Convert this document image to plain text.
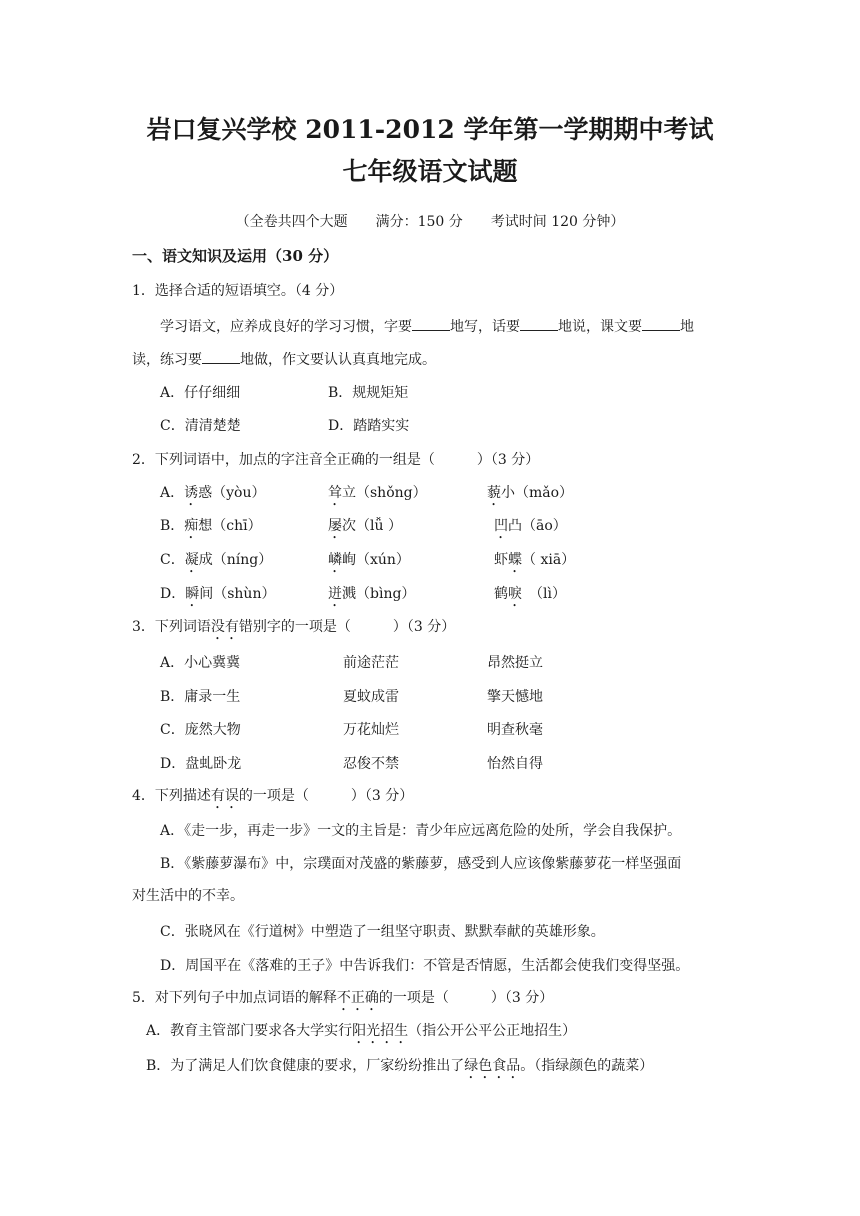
岩口复兴学校 2011-2012 学年第一学期期中考试
七年级语文试题
（全卷共四个大题　　满分：150 分　　考试时间 120 分钟）
一、语文知识及运用（30 分）
1．选择合适的短语填空。（4 分）
学习语文，应养成良好的学习习惯，字要	地写，话要	地说，课文要	地
读，练习要	地做，作文要认认真真地完成。
A．仔仔细细	B．规规矩矩
C．清清楚楚	D．踏踏实实
2．下列词语中，加点的字注音全正确的一组是（　　　）（3 分）
A．诱惑（yòu）	耸立（shǒng）	藐小（mǎo）
B．痴想（chī）	屡次（lǚ ）	凹凸（āo）
C．凝成（níng）	嶙峋（xún）	虾蝶（ xiā）
D．瞬间（shùn）	迸溅（bìng）	鹤唳　（lì）
3．下列词语没有错别字的一项是（　　　）（3 分）
A．小心冀冀	前途茫茫	昂然挺立
B．庸录一生	夏蚊成雷	擎天憾地
C．庞然大物	万花灿烂	明查秋毫
D．盘虬卧龙	忍俊不禁	怡然自得
4．下列描述有误的一项是（　　　）（3 分）
A．《走一步，再走一步》一文的主旨是：青少年应远离危险的处所，学会自我保护。
B．《紫藤萝瀑布》中，宗璞面对茂盛的紫藤萝，感受到人应该像紫藤萝花一样坚强面
对生活中的不幸。
C．张晓风在《行道树》中塑造了一组坚守职责、默默奉献的英雄形象。
D．周国平在《落难的王子》中告诉我们：不管是否情愿，生活都会使我们变得坚强。
5．对下列句子中加点词语的解释不正确的一项是（　　　）（3 分）
A．教育主管部门要求各大学实行阳光招生（指公开公平公正地招生）
B．为了满足人们饮食健康的要求，厂家纷纷推出了绿色食品。（指绿颜色的蔬菜）
